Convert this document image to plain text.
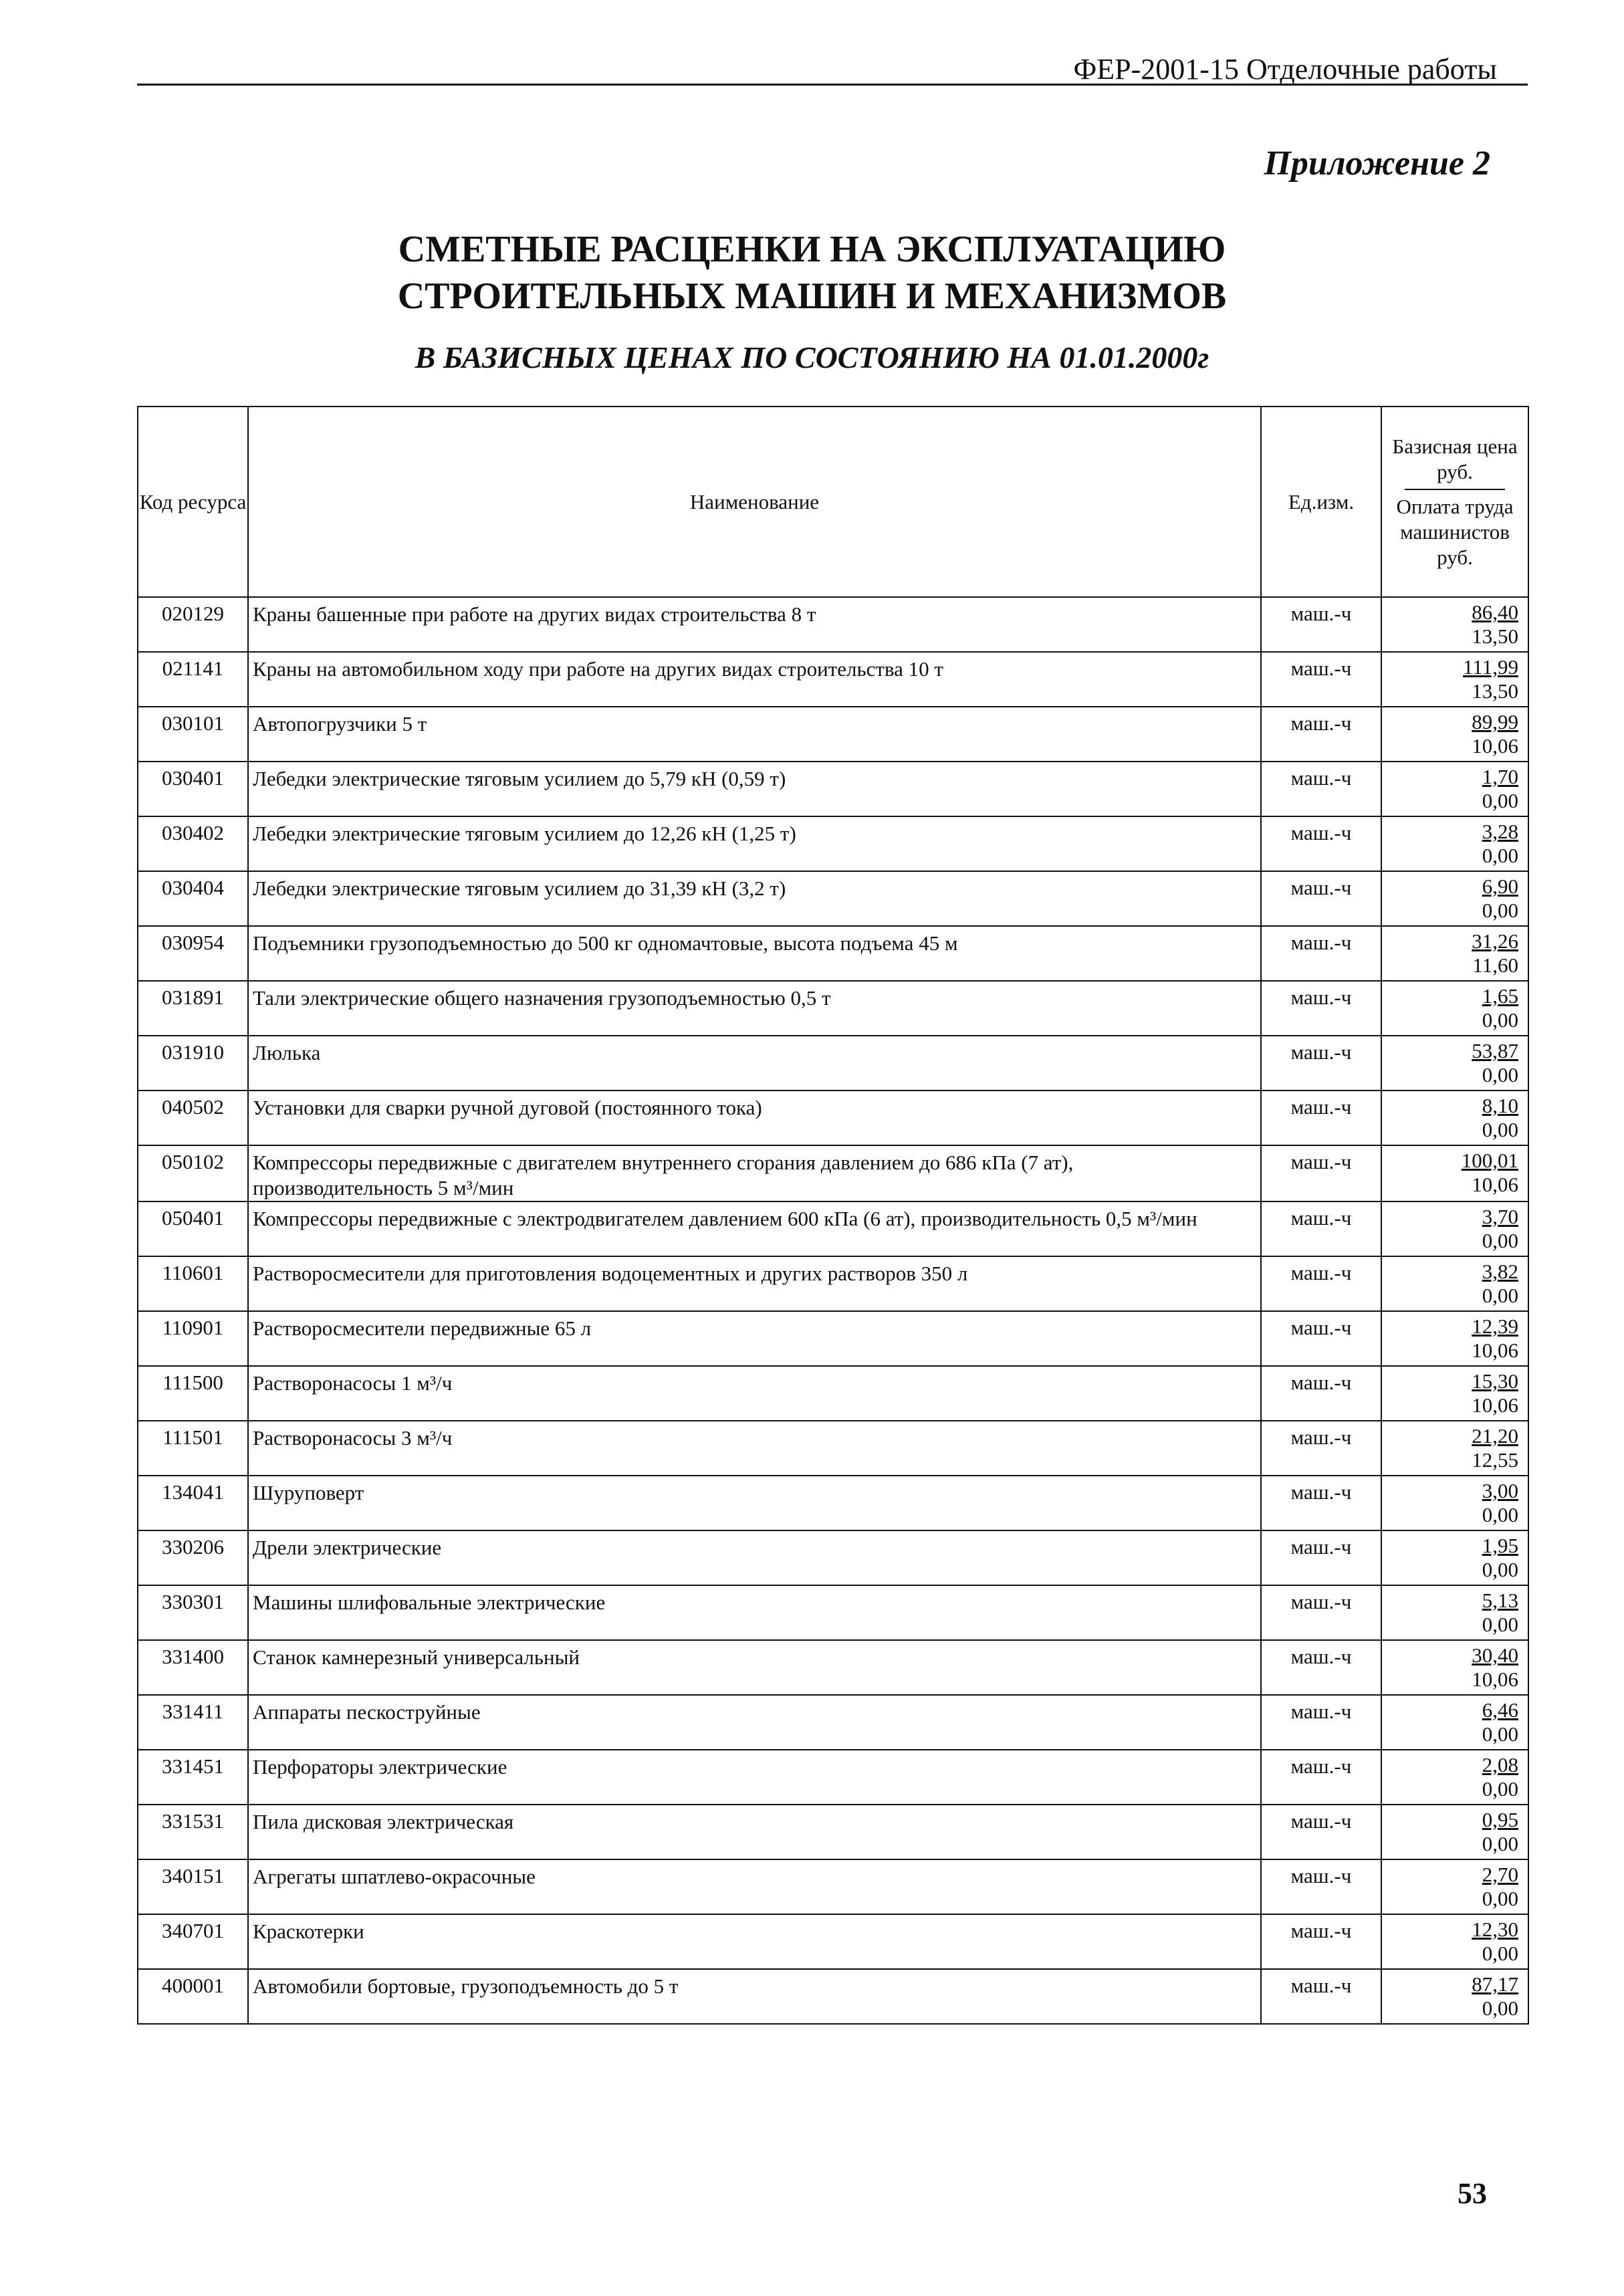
ФЕР-2001-15 Отделочные работы
Приложение 2
СМЕТНЫЕ РАСЦЕНКИ НА ЭКСПЛУАТАЦИЮ
СТРОИТЕЛЬНЫХ МАШИН И МЕХАНИЗМОВ
В БАЗИСНЫХ ЦЕНАХ ПО СОСТОЯНИЮ НА 01.01.2000г
Код ресурса	Наименование	Ед.изм.	Базисная цена руб.
Оплата труда машинистов руб.

020129	Краны башенные при работе на других видах строительства 8 т	маш.-ч	86,40
13,50

021141	Краны на автомобильном ходу при работе на других видах строительства 10 т	маш.-ч	111,99
13,50

030101	Автопогрузчики 5 т	маш.-ч	89,99
10,06

030401	Лебедки электрические тяговым усилием до 5,79 кН (0,59 т)	маш.-ч	1,70
0,00

030402	Лебедки электрические тяговым усилием до 12,26 кН (1,25 т)	маш.-ч	3,28
0,00

030404	Лебедки электрические тяговым усилием до 31,39 кН (3,2 т)	маш.-ч	6,90
0,00

030954	Подъемники грузоподъемностью до 500 кг одномачтовые, высота подъема 45 м	маш.-ч	31,26
11,60

031891	Тали электрические общего назначения грузоподъемностью 0,5 т	маш.-ч	1,65
0,00

031910	Люлька	маш.-ч	53,87
0,00

040502	Установки для сварки ручной дуговой (постоянного тока)	маш.-ч	8,10
0,00

050102	Компрессоры передвижные с двигателем внутреннего сгорания давлением до 686 кПа (7 ат), производительность 5 м³/мин	маш.-ч	100,01
10,06

050401	Компрессоры передвижные с электродвигателем давлением 600 кПа (6 ат), производительность 0,5 м³/мин	маш.-ч	3,70
0,00

110601	Растворосмесители для приготовления водоцементных и других растворов 350 л	маш.-ч	3,82
0,00

110901	Растворосмесители передвижные 65 л	маш.-ч	12,39
10,06

111500	Растворонасосы 1 м³/ч	маш.-ч	15,30
10,06

111501	Растворонасосы 3 м³/ч	маш.-ч	21,20
12,55

134041	Шуруповерт	маш.-ч	3,00
0,00

330206	Дрели электрические	маш.-ч	1,95
0,00

330301	Машины шлифовальные электрические	маш.-ч	5,13
0,00

331400	Станок камнерезный универсальный	маш.-ч	30,40
10,06

331411	Аппараты пескоструйные	маш.-ч	6,46
0,00

331451	Перфораторы электрические	маш.-ч	2,08
0,00

331531	Пила дисковая электрическая	маш.-ч	0,95
0,00

340151	Агрегаты шпатлево-окрасочные	маш.-ч	2,70
0,00

340701	Краскотерки	маш.-ч	12,30
0,00

400001	Автомобили бортовые, грузоподъемность до 5 т	маш.-ч	87,17
0,00
53
